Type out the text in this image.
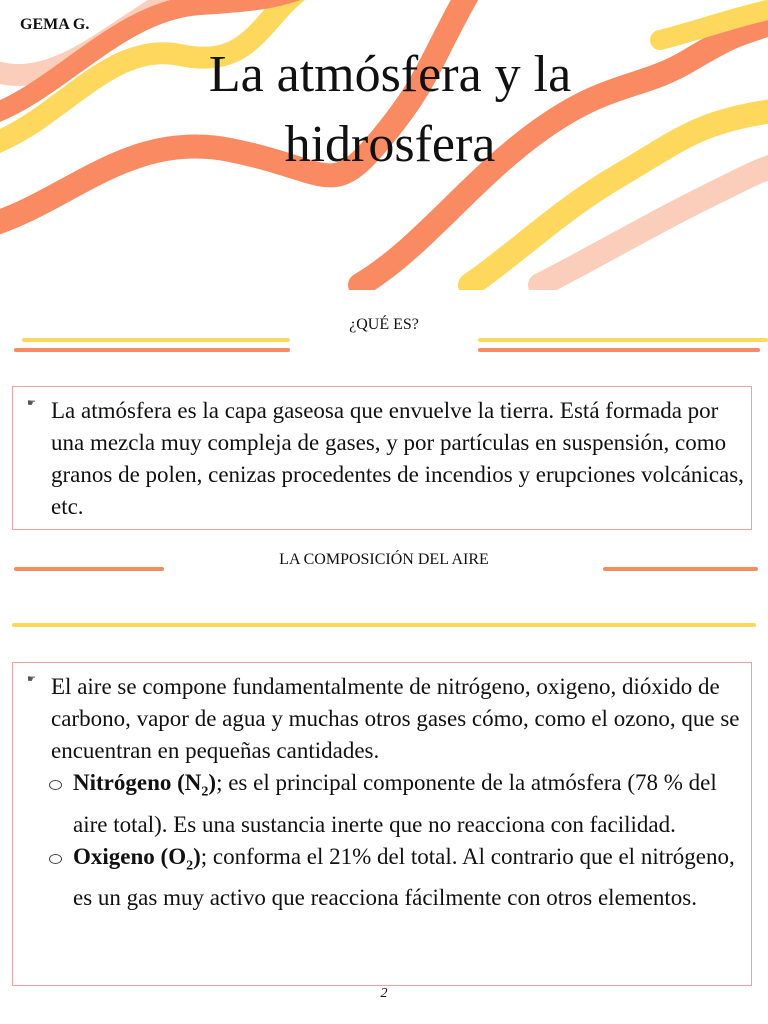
GEMA G.
La atmósfera y la
hidrosfera
¿QUÉ ES?
☛ La atmósfera es la capa gaseosa que envuelve la tierra. Está formada por una mezcla muy compleja de gases, y por partículas en suspensión, como granos de polen, cenizas procedentes de incendios y erupciones volcánicas, etc.

LA COMPOSICIÓN DEL AIRE
☛ El aire se compone fundamentalmente de nitrógeno, oxigeno, dióxido de carbono, vapor de agua y muchas otros gases cómo, como el ozono, que se encuentran en pequeñas cantidades.

Nitrógeno $(N_2)$; es el principal componente de la atmósfera (78 % del aire total). Es una sustancia inerte que no reacciona con facilidad.

Oxigeno $(O_2)$; conforma el 21% del total. Al contrario que el nitrógeno, es un gas muy activo que reacciona fácilmente con otros elementos.

2
